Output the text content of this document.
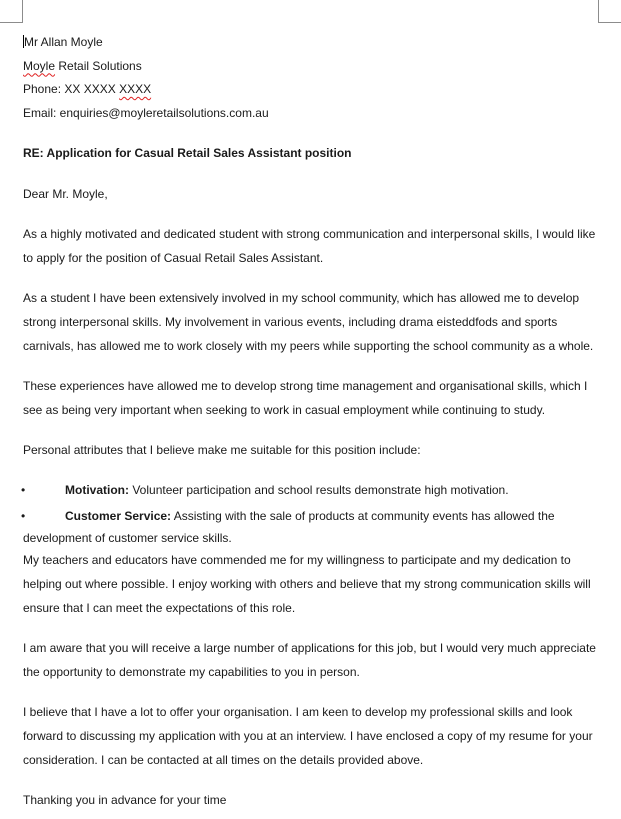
Mr Allan Moyle
Moyle Retail Solutions
Phone: XX XXXX XXXX
Email: enquiries@moyleretailsolutions.com.au
RE: Application for Casual Retail Sales Assistant position
Dear Mr. Moyle,
As a highly motivated and dedicated student with strong communication and interpersonal skills, I would like to apply for the position of Casual Retail Sales Assistant.
As a student I have been extensively involved in my school community, which has allowed me to develop strong interpersonal skills. My involvement in various events, including drama eisteddfods and sports carnivals, has allowed me to work closely with my peers while supporting the school community as a whole.
These experiences have allowed me to develop strong time management and organisational skills, which I see as being very important when seeking to work in casual employment while continuing to study.
Personal attributes that I believe make me suitable for this position include:
•	Motivation: Volunteer participation and school results demonstrate high motivation.
•	Customer Service: Assisting with the sale of products at community events has allowed the development of customer service skills.
My teachers and educators have commended me for my willingness to participate and my dedication to helping out where possible. I enjoy working with others and believe that my strong communication skills will ensure that I can meet the expectations of this role.
I am aware that you will receive a large number of applications for this job, but I would very much appreciate the opportunity to demonstrate my capabilities to you in person.
I believe that I have a lot to offer your organisation. I am keen to develop my professional skills and look forward to discussing my application with you at an interview. I have enclosed a copy of my resume for your consideration. I can be contacted at all times on the details provided above.
Thanking you in advance for your time
